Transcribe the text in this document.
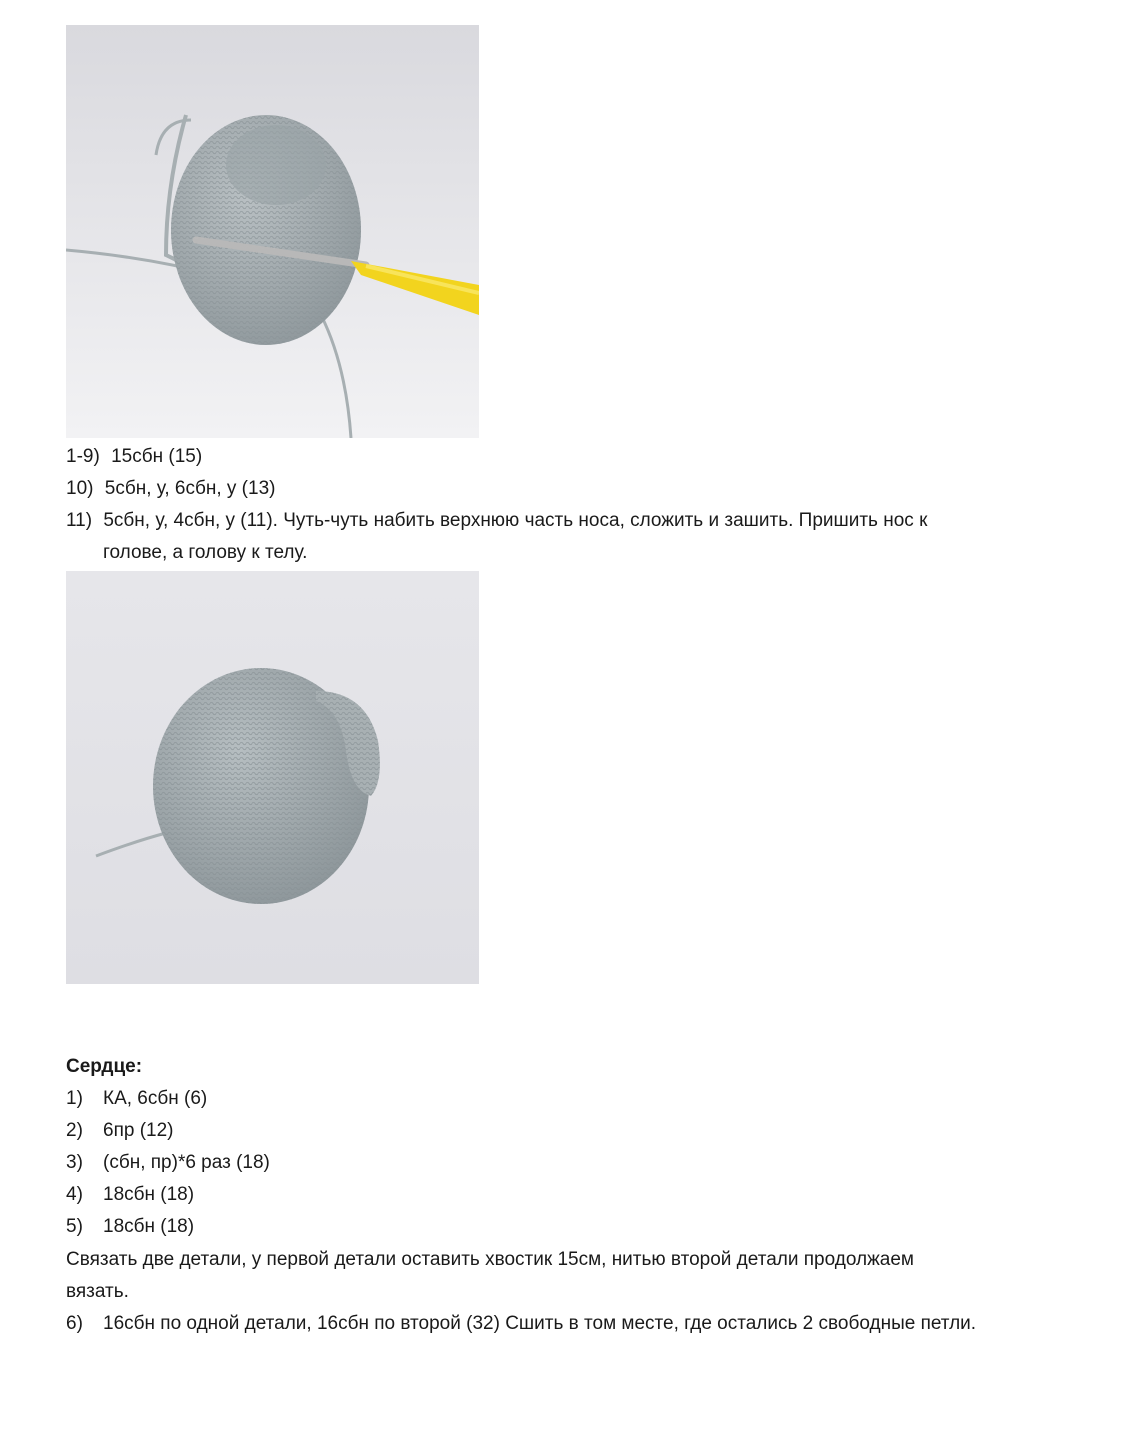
1-9) 15сбн (15)
10) 5сбн, у, 6сбн, у (13)
11) 5сбн, у, 4сбн, у (11). Чуть-чуть набить верхнюю часть носа, сложить и зашить. Пришить нос к
голове, а голову к телу.
Сердце:
1) КА, 6сбн (6)
2) 6пр (12)
3) (сбн, пр)*6 раз (18)
4) 18сбн (18)
5) 18сбн (18)
Связать две детали, у первой детали оставить хвостик 15см, нитью второй детали продолжаем
вязать.
6) 16сбн по одной детали, 16сбн по второй (32) Сшить в том месте, где остались 2 свободные петли.
